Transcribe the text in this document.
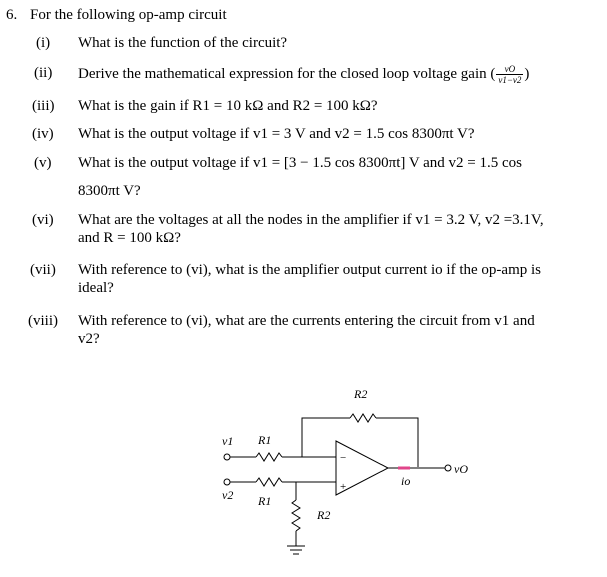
6. For the following op-amp circuit
(i) What is the function of the circuit?
(ii) Derive the mathematical expression for the closed loop voltage gain ( $\frac{vO}{v1-v2}$ )
(iii) What is the gain if R1 = 10 kΩ and R2 = 100 kΩ?
(iv) What is the output voltage if v1 = 3 V and v2 = 1.5 cos 8300πt V?
(v) What is the output voltage if v1 = [3 − 1.5 cos 8300πt] V and v2 = 1.5 cos
8300πt V?
(vi) What are the voltages at all the nodes in the amplifier if v1 = 3.2 V, v2 =3.1V,
and R = 100 kΩ?
(vii) With reference to (vi), what is the amplifier output current io if the op-amp is
ideal?
(viii) With reference to (vi), what are the currents entering the circuit from v1 and
v2?
R2
R1
R1
R2
v1
v2
vO
io
−
+
